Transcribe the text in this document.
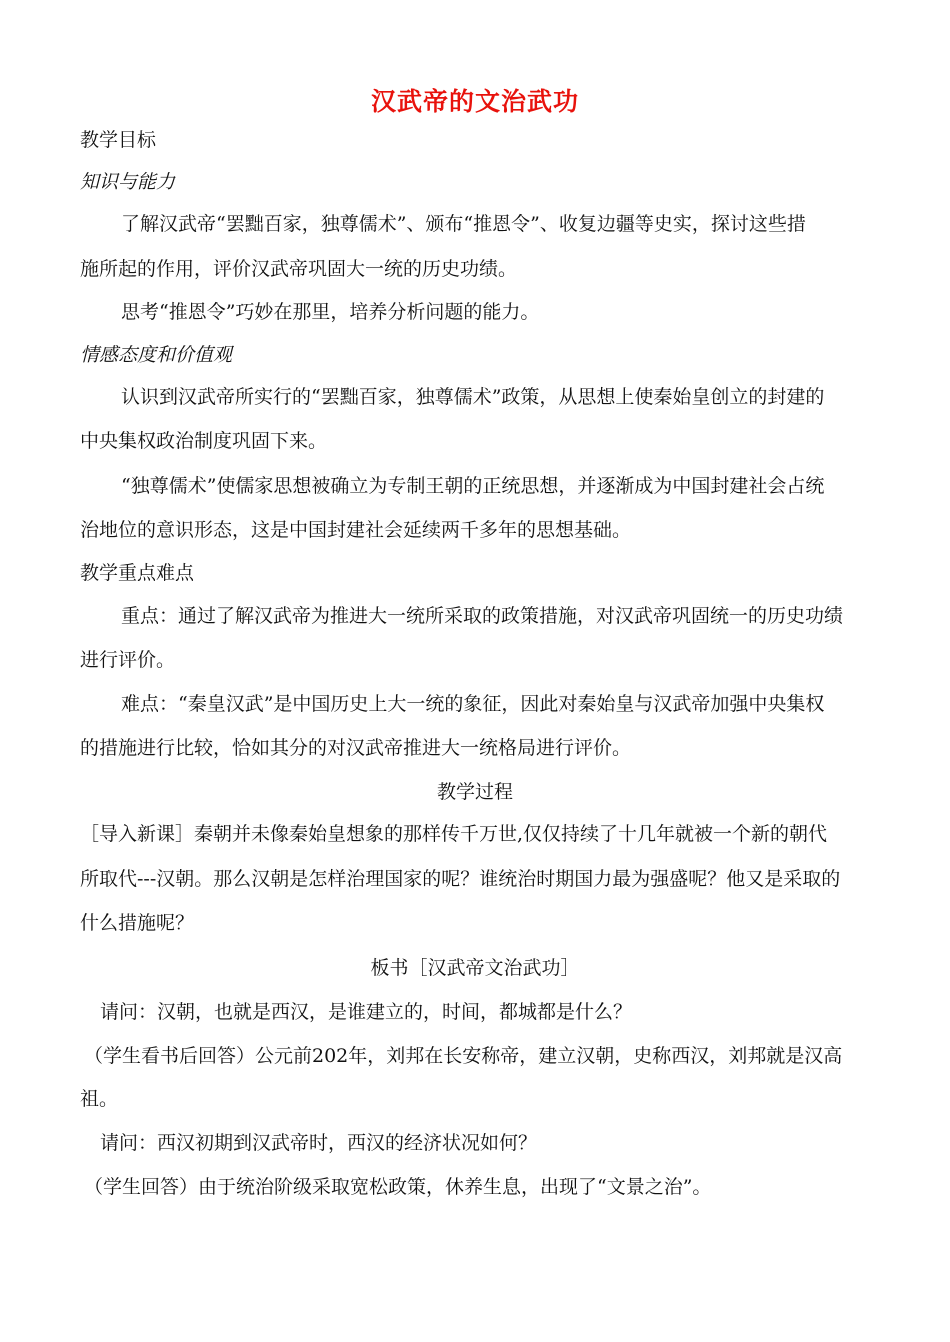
汉武帝的文治武功
教学目标
知识与能力
了解汉武帝“罢黜百家，独尊儒术”、颁布“推恩令”、收复边疆等史实，探讨这些措
施所起的作用，评价汉武帝巩固大一统的历史功绩。
思考“推恩令”巧妙在那里，培养分析问题的能力。
情感态度和价值观
认识到汉武帝所实行的“罢黜百家，独尊儒术”政策，从思想上使秦始皇创立的封建的
中央集权政治制度巩固下来。
“独尊儒术”使儒家思想被确立为专制王朝的正统思想，并逐渐成为中国封建社会占统
治地位的意识形态，这是中国封建社会延续两千多年的思想基础。
教学重点难点
重点：通过了解汉武帝为推进大一统所采取的政策措施，对汉武帝巩固统一的历史功绩
进行评价。
难点：“秦皇汉武”是中国历史上大一统的象征，因此对秦始皇与汉武帝加强中央集权
的措施进行比较，恰如其分的对汉武帝推进大一统格局进行评价。
教学过程
［导入新课］秦朝并未像秦始皇想象的那样传千万世,仅仅持续了十几年就被一个新的朝代
所取代---汉朝。那么汉朝是怎样治理国家的呢？谁统治时期国力最为强盛呢？他又是采取的
什么措施呢？
板书［汉武帝文治武功］
请问：汉朝，也就是西汉，是谁建立的，时间，都城都是什么？
（学生看书后回答）公元前202年，刘邦在长安称帝，建立汉朝，史称西汉，刘邦就是汉高
祖。
请问：西汉初期到汉武帝时，西汉的经济状况如何？
（学生回答）由于统治阶级采取宽松政策，休养生息，出现了“文景之治”。
